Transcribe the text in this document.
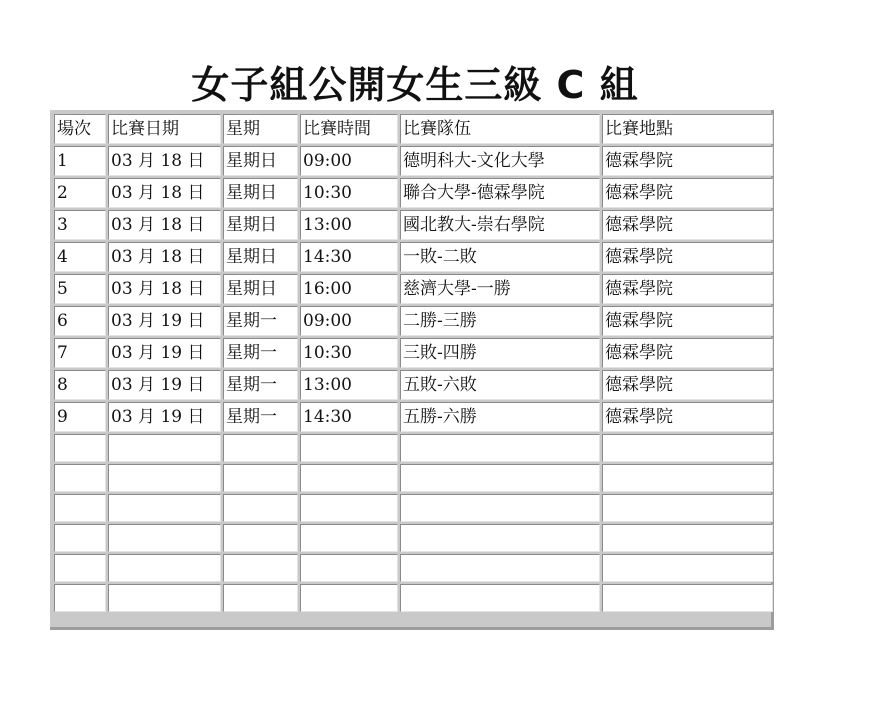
女子組公開女生三級 C 組
場次	比賽日期	星期	比賽時間	比賽隊伍	比賽地點
1	03 月 18 日	星期日	09:00	德明科大-文化大學	德霖學院
2	03 月 18 日	星期日	10:30	聯合大學-德霖學院	德霖學院
3	03 月 18 日	星期日	13:00	國北教大-崇右學院	德霖學院
4	03 月 18 日	星期日	14:30	一敗-二敗	德霖學院
5	03 月 18 日	星期日	16:00	慈濟大學-一勝	德霖學院
6	03 月 19 日	星期一	09:00	二勝-三勝	德霖學院
7	03 月 19 日	星期一	10:30	三敗-四勝	德霖學院
8	03 月 19 日	星期一	13:00	五敗-六敗	德霖學院
9	03 月 19 日	星期一	14:30	五勝-六勝	德霖學院
